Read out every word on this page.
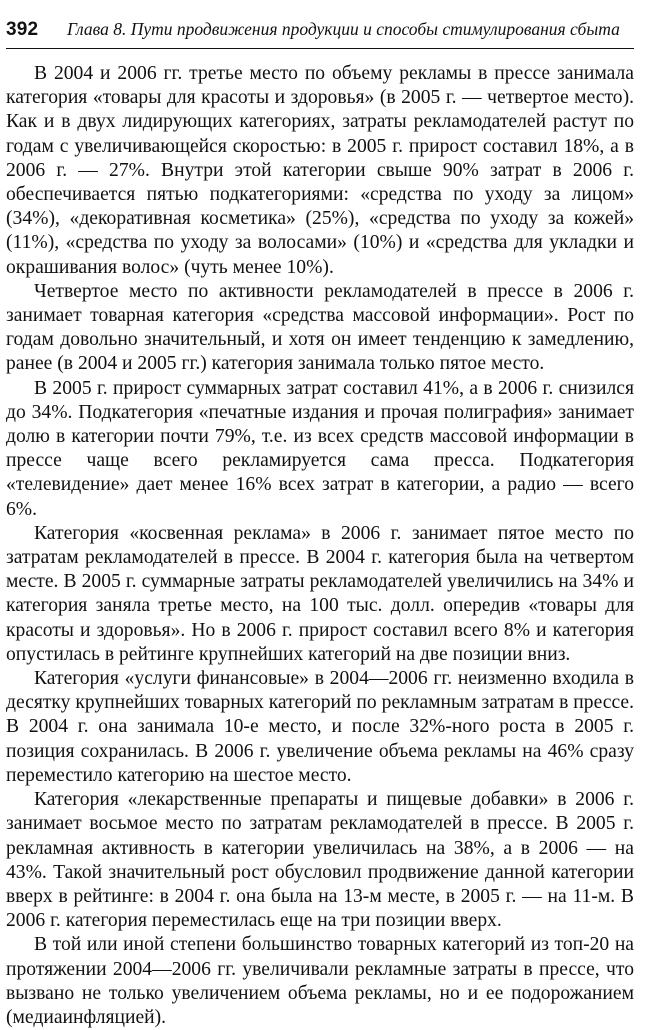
392 Глава 8. Пути продвижения продукции и способы стимулирования сбыта

В 2004 и 2006 гг. третье место по объему рекламы в прессе занимала категория «товары для красоты и здоровья» (в 2005 г. — четвертое место). Как и в двух лидирующих категориях, затраты рекламодателей растут по годам с увеличивающейся скоростью: в 2005 г. прирост составил 18%, а в 2006 г. — 27%. Внутри этой категории свыше 90% затрат в 2006 г. обеспечивается пятью подкатегориями: «средства по уходу за лицом» (34%), «декоративная косметика» (25%), «средства по уходу за кожей» (11%), «средства по уходу за волосами» (10%) и «средства для укладки и окрашивания волос» (чуть менее 10%).

Четвертое место по активности рекламодателей в прессе в 2006 г. занимает товарная категория «средства массовой информации». Рост по годам довольно значительный, и хотя он имеет тенденцию к замедлению, ранее (в 2004 и 2005 гг.) категория занимала только пятое место.

В 2005 г. прирост суммарных затрат составил 41%, а в 2006 г. снизился до 34%. Подкатегория «печатные издания и прочая полиграфия» занимает долю в категории почти 79%, т.е. из всех средств массовой информации в прессе чаще всего рекламируется сама пресса. Подкатегория «телевидение» дает менее 16% всех затрат в категории, а радио — всего 6%.

Категория «косвенная реклама» в 2006 г. занимает пятое место по затратам рекламодателей в прессе. В 2004 г. категория была на четвертом месте. В 2005 г. суммарные затраты рекламодателей увеличились на 34% и категория заняла третье место, на 100 тыс. долл. опередив «товары для красоты и здоровья». Но в 2006 г. прирост составил всего 8% и категория опустилась в рейтинге крупнейших категорий на две позиции вниз.

Категория «услуги финансовые» в 2004—2006 гг. неизменно входила в десятку крупнейших товарных категорий по рекламным затратам в прессе. В 2004 г. она занимала 10-е место, и после 32%-ного роста в 2005 г. позиция сохранилась. В 2006 г. увеличение объема рекламы на 46% сразу переместило категорию на шестое место.

Категория «лекарственные препараты и пищевые добавки» в 2006 г. занимает восьмое место по затратам рекламодателей в прессе. В 2005 г. рекламная активность в категории увеличилась на 38%, а в 2006 — на 43%. Такой значительный рост обусловил продвижение данной категории вверх в рейтинге: в 2004 г. она была на 13-м месте, в 2005 г. — на 11-м. В 2006 г. категория переместилась еще на три позиции вверх.

В той или иной степени большинство товарных категорий из топ-20 на протяжении 2004—2006 гг. увеличивали рекламные затраты в прессе, что вызвано не только увеличением объема рекламы, но и ее подорожанием (медиаинфляцией).
